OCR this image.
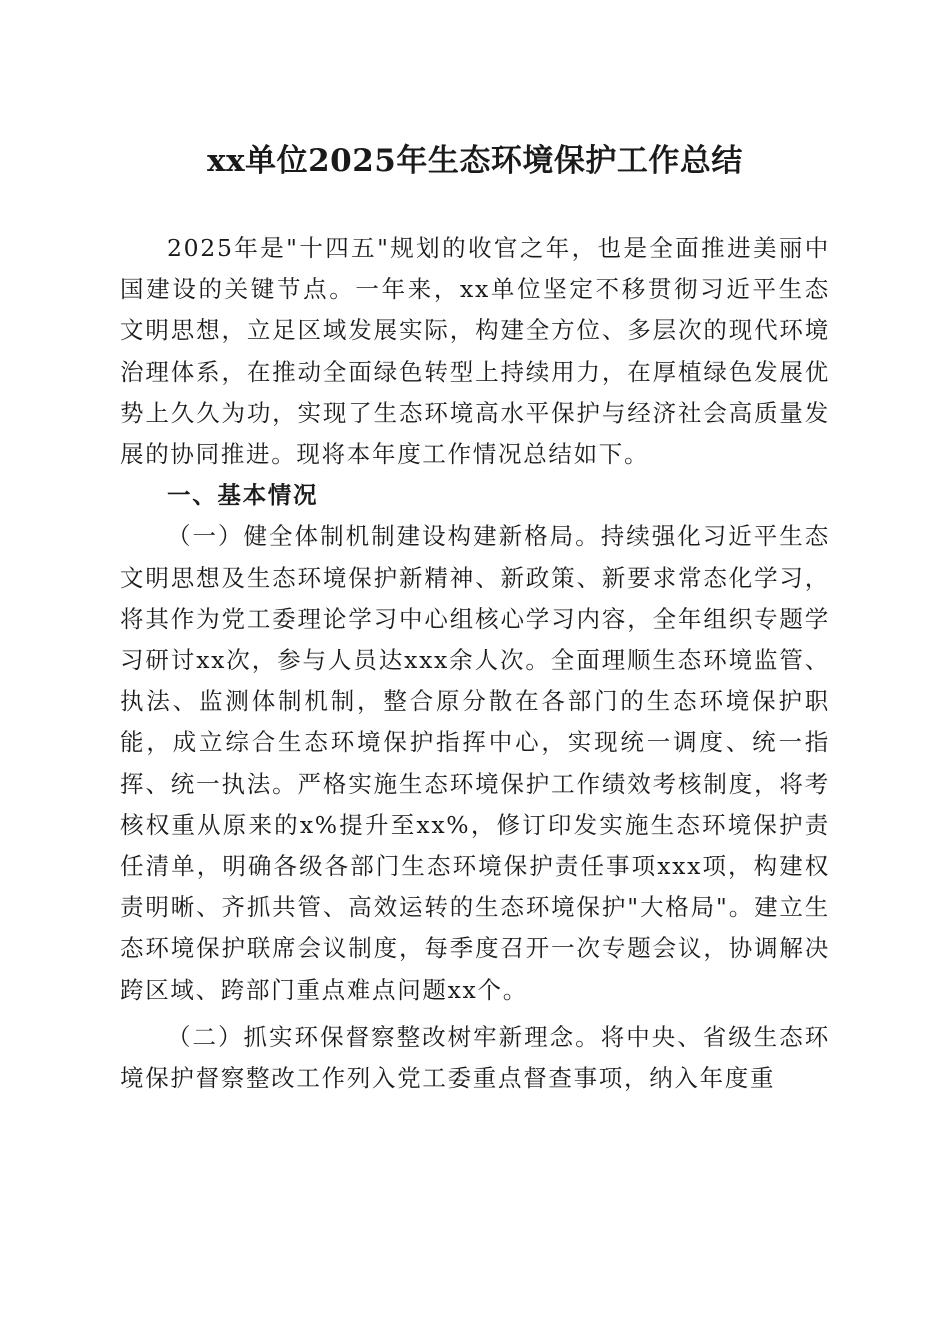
xx单位2025年生态环境保护工作总结

2025年是"十四五"规划的收官之年，也是全面推进美丽中国建设的关键节点。一年来，xx单位坚定不移贯彻习近平生态文明思想，立足区域发展实际，构建全方位、多层次的现代环境治理体系，在推动全面绿色转型上持续用力，在厚植绿色发展优势上久久为功，实现了生态环境高水平保护与经济社会高质量发展的协同推进。现将本年度工作情况总结如下。

一、基本情况

（一）健全体制机制建设构建新格局。持续强化习近平生态文明思想及生态环境保护新精神、新政策、新要求常态化学习，将其作为党工委理论学习中心组核心学习内容，全年组织专题学习研讨xx次，参与人员达xxx余人次。全面理顺生态环境监管、执法、监测体制机制，整合原分散在各部门的生态环境保护职能，成立综合生态环境保护指挥中心，实现统一调度、统一指挥、统一执法。严格实施生态环境保护工作绩效考核制度，将考核权重从原来的x%提升至xx%，修订印发实施生态环境保护责任清单，明确各级各部门生态环境保护责任事项xxx项，构建权责明晰、齐抓共管、高效运转的生态环境保护"大格局"。建立生态环境保护联席会议制度，每季度召开一次专题会议，协调解决跨区域、跨部门重点难点问题xx个。

（二）抓实环保督察整改树牢新理念。将中央、省级生态环境保护督察整改工作列入党工委重点督查事项，纳入年度重
